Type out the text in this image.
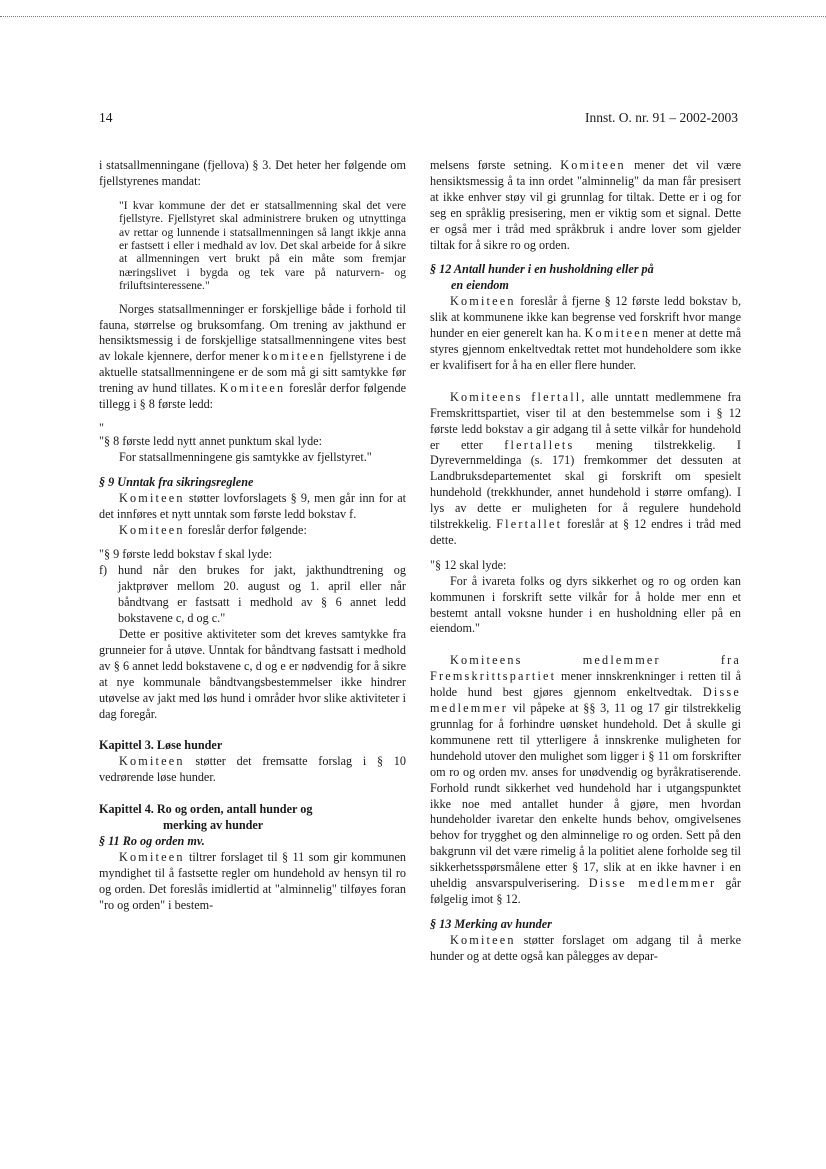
14	Innst. O. nr. 91 – 2002-2003

i statsallmenningane (fjellova) § 3. Det heter her følgende om fjellstyrenes mandat:

"I kvar kommune der det er statsallmenning skal det vere fjellstyre. Fjellstyret skal administrere bruken og utnyttinga av rettar og lunnende i statsallmenningen så langt ikkje anna er fastsett i eller i medhald av lov. Det skal arbeide for å sikre at allmenningen vert brukt på ein måte som fremjar næringslivet i bygda og tek vare på naturvern- og friluftsinteressene."

Norges statsallmenninger er forskjellige både i forhold til fauna, størrelse og bruksomfang. Om trening av jakthund er hensiktsmessig i de forskjellige statsallmenningene vites best av lokale kjennere, derfor mener komiteen fjellstyrene i de aktuelle statsallmenningene er de som må gi sitt samtykke før trening av hund tillates. Komiteen foreslår derfor følgende tillegg i § 8 første ledd:

"

"§ 8 første ledd nytt annet punktum skal lyde:

For statsallmenningene gis samtykke av fjellstyret."

§ 9 Unntak fra sikringsreglene

Komiteen støtter lovforslagets § 9, men går inn for at det innføres et nytt unntak som første ledd bokstav f.

Komiteen foreslår derfor følgende:

"§ 9 første ledd bokstav f skal lyde:

f) hund når den brukes for jakt, jakthundtrening og jaktprøver mellom 20. august og 1. april eller når båndtvang er fastsatt i medhold av § 6 annet ledd bokstavene c, d og c."

Dette er positive aktiviteter som det kreves samtykke fra grunneier for å utøve. Unntak for båndtvang fastsatt i medhold av § 6 annet ledd bokstavene c, d og e er nødvendig for å sikre at nye kommunale båndtvangsbestemmelser ikke hindrer utøvelse av jakt med løs hund i områder hvor slike aktiviteter i dag foregår.

Kapittel 3. Løse hunder

Komiteen støtter det fremsatte forslag i § 10 vedrørende løse hunder.

Kapittel 4. Ro og orden, antall hunder og
merking av hunder

§ 11 Ro og orden mv.

Komiteen tiltrer forslaget til § 11 som gir kommunen myndighet til å fastsette regler om hundehold av hensyn til ro og orden. Det foreslås imidlertid at "alminnelig" tilføyes foran "ro og orden" i bestem-

melsens første setning. Komiteen mener det vil være hensiktsmessig å ta inn ordet "alminnelig" da man får presisert at ikke enhver støy vil gi grunnlag for tiltak. Dette er i og for seg en språklig presisering, men er viktig som et signal. Dette er også mer i tråd med språkbruk i andre lover som gjelder tiltak for å sikre ro og orden.

§ 12 Antall hunder i en husholdning eller på
en eiendom

Komiteen foreslår å fjerne § 12 første ledd bokstav b, slik at kommunene ikke kan begrense ved forskrift hvor mange hunder en eier generelt kan ha. Komiteen mener at dette må styres gjennom enkeltvedtak rettet mot hundeholdere som ikke er kvalifisert for å ha en eller flere hunder.

Komiteens flertall, alle unntatt medlemmene fra Fremskrittspartiet, viser til at den bestemmelse som i § 12 første ledd bokstav a gir adgang til å sette vilkår for hundehold er etter flertallets mening tilstrekkelig. I Dyrevernmeldinga (s. 171) fremkommer det dessuten at Landbruksdepartementet skal gi forskrift om spesielt hundehold (trekkhunder, annet hundehold i større omfang). I lys av dette er muligheten for å regulere hundehold tilstrekkelig. Flertallet foreslår at § 12 endres i tråd med dette.

"§ 12 skal lyde:

For å ivareta folks og dyrs sikkerhet og ro og orden kan kommunen i forskrift sette vilkår for å holde mer enn et bestemt antall voksne hunder i en husholdning eller på en eiendom."

Komiteens medlemmer fra Fremskrittspartiet mener innskrenkninger i retten til å holde hund best gjøres gjennom enkeltvedtak. Disse medlemmer vil påpeke at §§ 3, 11 og 17 gir tilstrekkelig grunnlag for å forhindre uønsket hundehold. Det å skulle gi kommunene rett til ytterligere å innskrenke muligheten for hundehold utover den mulighet som ligger i § 11 om forskrifter om ro og orden mv. anses for unødvendig og byråkratiserende. Forhold rundt sikkerhet ved hundehold har i utgangspunktet ikke noe med antallet hunder å gjøre, men hvordan hundeholder ivaretar den enkelte hunds behov, omgivelsenes behov for trygghet og den alminnelige ro og orden. Sett på den bakgrunn vil det være rimelig å la politiet alene forholde seg til sikkerhetsspørsmålene etter § 17, slik at en ikke havner i en uheldig ansvarspulverisering. Disse medlemmer går følgelig imot § 12.

§ 13 Merking av hunder

Komiteen støtter forslaget om adgang til å merke hunder og at dette også kan pålegges av depar-
